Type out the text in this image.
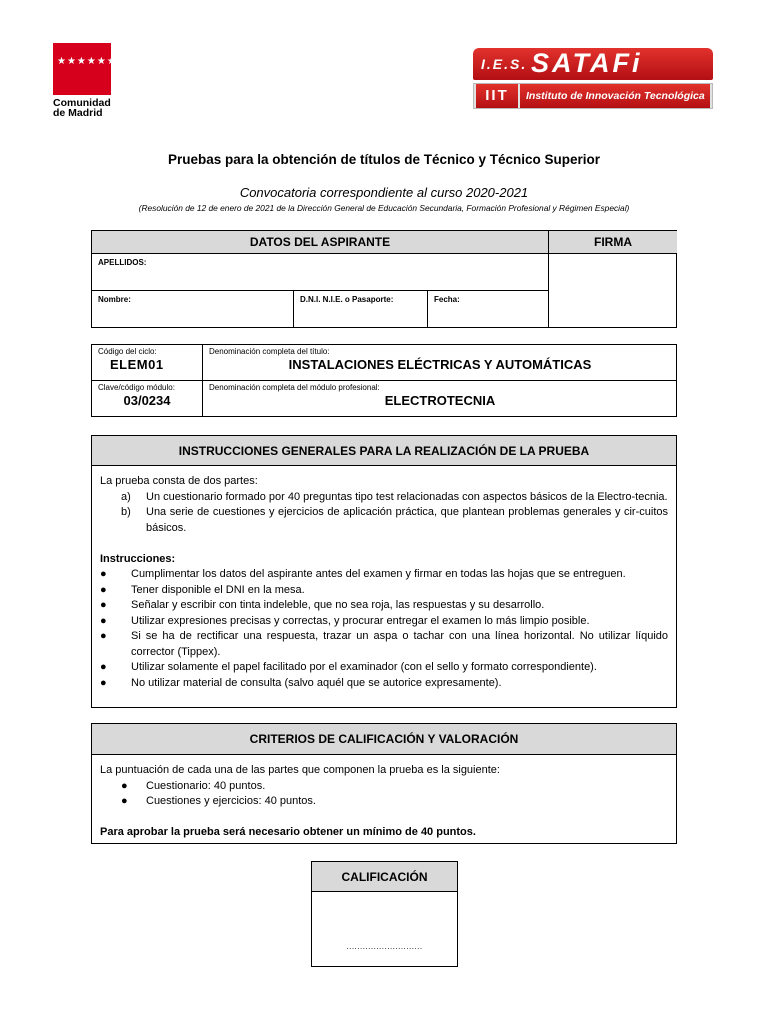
★★★★★★★
Comunidad
de Madrid
I.E.S. SATAFi
IIT	Instituto de Innovación Tecnológica
Pruebas para la obtención de títulos de Técnico y Técnico Superior
Convocatoria correspondiente al curso 2020-2021
(Resolución de 12 de enero de 2021 de la Dirección General de Educación Secundaria, Formación Profesional y Régimen Especial)
DATOS DEL ASPIRANTE	FIRMA
APELLIDOS:
Nombre:	D.N.I. N.I.E. o Pasaporte:	Fecha:
Código del ciclo:
ELEM01
Denominación completa del título:
INSTALACIONES ELÉCTRICAS Y AUTOMÁTICAS
Clave/código módulo:
03/0234
Denominación completa del módulo profesional:
ELECTROTECNIA
INSTRUCCIONES GENERALES PARA LA REALIZACIÓN DE LA PRUEBA
La prueba consta de dos partes:
a)	Un cuestionario formado por 40 preguntas tipo test relacionadas con aspectos básicos de la Electro-tecnia.
b)	Una serie de cuestiones y ejercicios de aplicación práctica, que plantean problemas generales y cir-cuitos básicos.
Instrucciones:
●	Cumplimentar los datos del aspirante antes del examen y firmar en todas las hojas que se entreguen.
●	Tener disponible el DNI en la mesa.
●	Señalar y escribir con tinta indeleble, que no sea roja, las respuestas y su desarrollo.
●	Utilizar expresiones precisas y correctas, y procurar entregar el examen lo más limpio posible.
●	Si se ha de rectificar una respuesta, trazar un aspa o tachar con una línea horizontal. No utilizar líquido corrector (Tippex).
●	Utilizar solamente el papel facilitado por el examinador (con el sello y formato correspondiente).
●	No utilizar material de consulta (salvo aquél que se autorice expresamente).
CRITERIOS DE CALIFICACIÓN Y VALORACIÓN
La puntuación de cada una de las partes que componen la prueba es la siguiente:
●	Cuestionario: 40 puntos.
●	Cuestiones y ejercicios: 40 puntos.
Para aprobar la prueba será necesario obtener un mínimo de 40 puntos.
CALIFICACIÓN
............................
